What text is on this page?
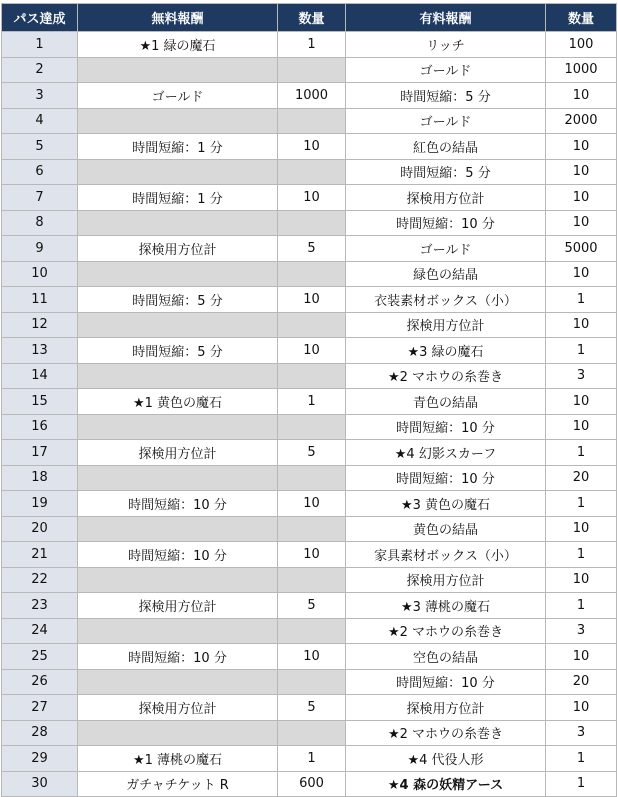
パス達成	無料報酬	数量	有料報酬	数量
1	★1 緑の魔石	1	リッチ	100
2			ゴールド	1000
3	ゴールド	1000	時間短縮：5 分	10
4			ゴールド	2000
5	時間短縮：1 分	10	紅色の結晶	10
6			時間短縮：5 分	10
7	時間短縮：1 分	10	探検用方位計	10
8			時間短縮：10 分	10
9	探検用方位計	5	ゴールド	5000
10			緑色の結晶	10
11	時間短縮：5 分	10	衣装素材ボックス（小）	1
12			探検用方位計	10
13	時間短縮：5 分	10	★3 緑の魔石	1
14			★2 マホウの糸巻き	3
15	★1 黄色の魔石	1	青色の結晶	10
16			時間短縮：10 分	10
17	探検用方位計	5	★4 幻影スカーフ	1
18			時間短縮：10 分	20
19	時間短縮：10 分	10	★3 黄色の魔石	1
20			黄色の結晶	10
21	時間短縮：10 分	10	家具素材ボックス（小）	1
22			探検用方位計	10
23	探検用方位計	5	★3 薄桃の魔石	1
24			★2 マホウの糸巻き	3
25	時間短縮：10 分	10	空色の結晶	10
26			時間短縮：10 分	20
27	探検用方位計	5	探検用方位計	10
28			★2 マホウの糸巻き	3
29	★1 薄桃の魔石	1	★4 代役人形	1
30	ガチャチケット R	600	★4 森の妖精アース	1
